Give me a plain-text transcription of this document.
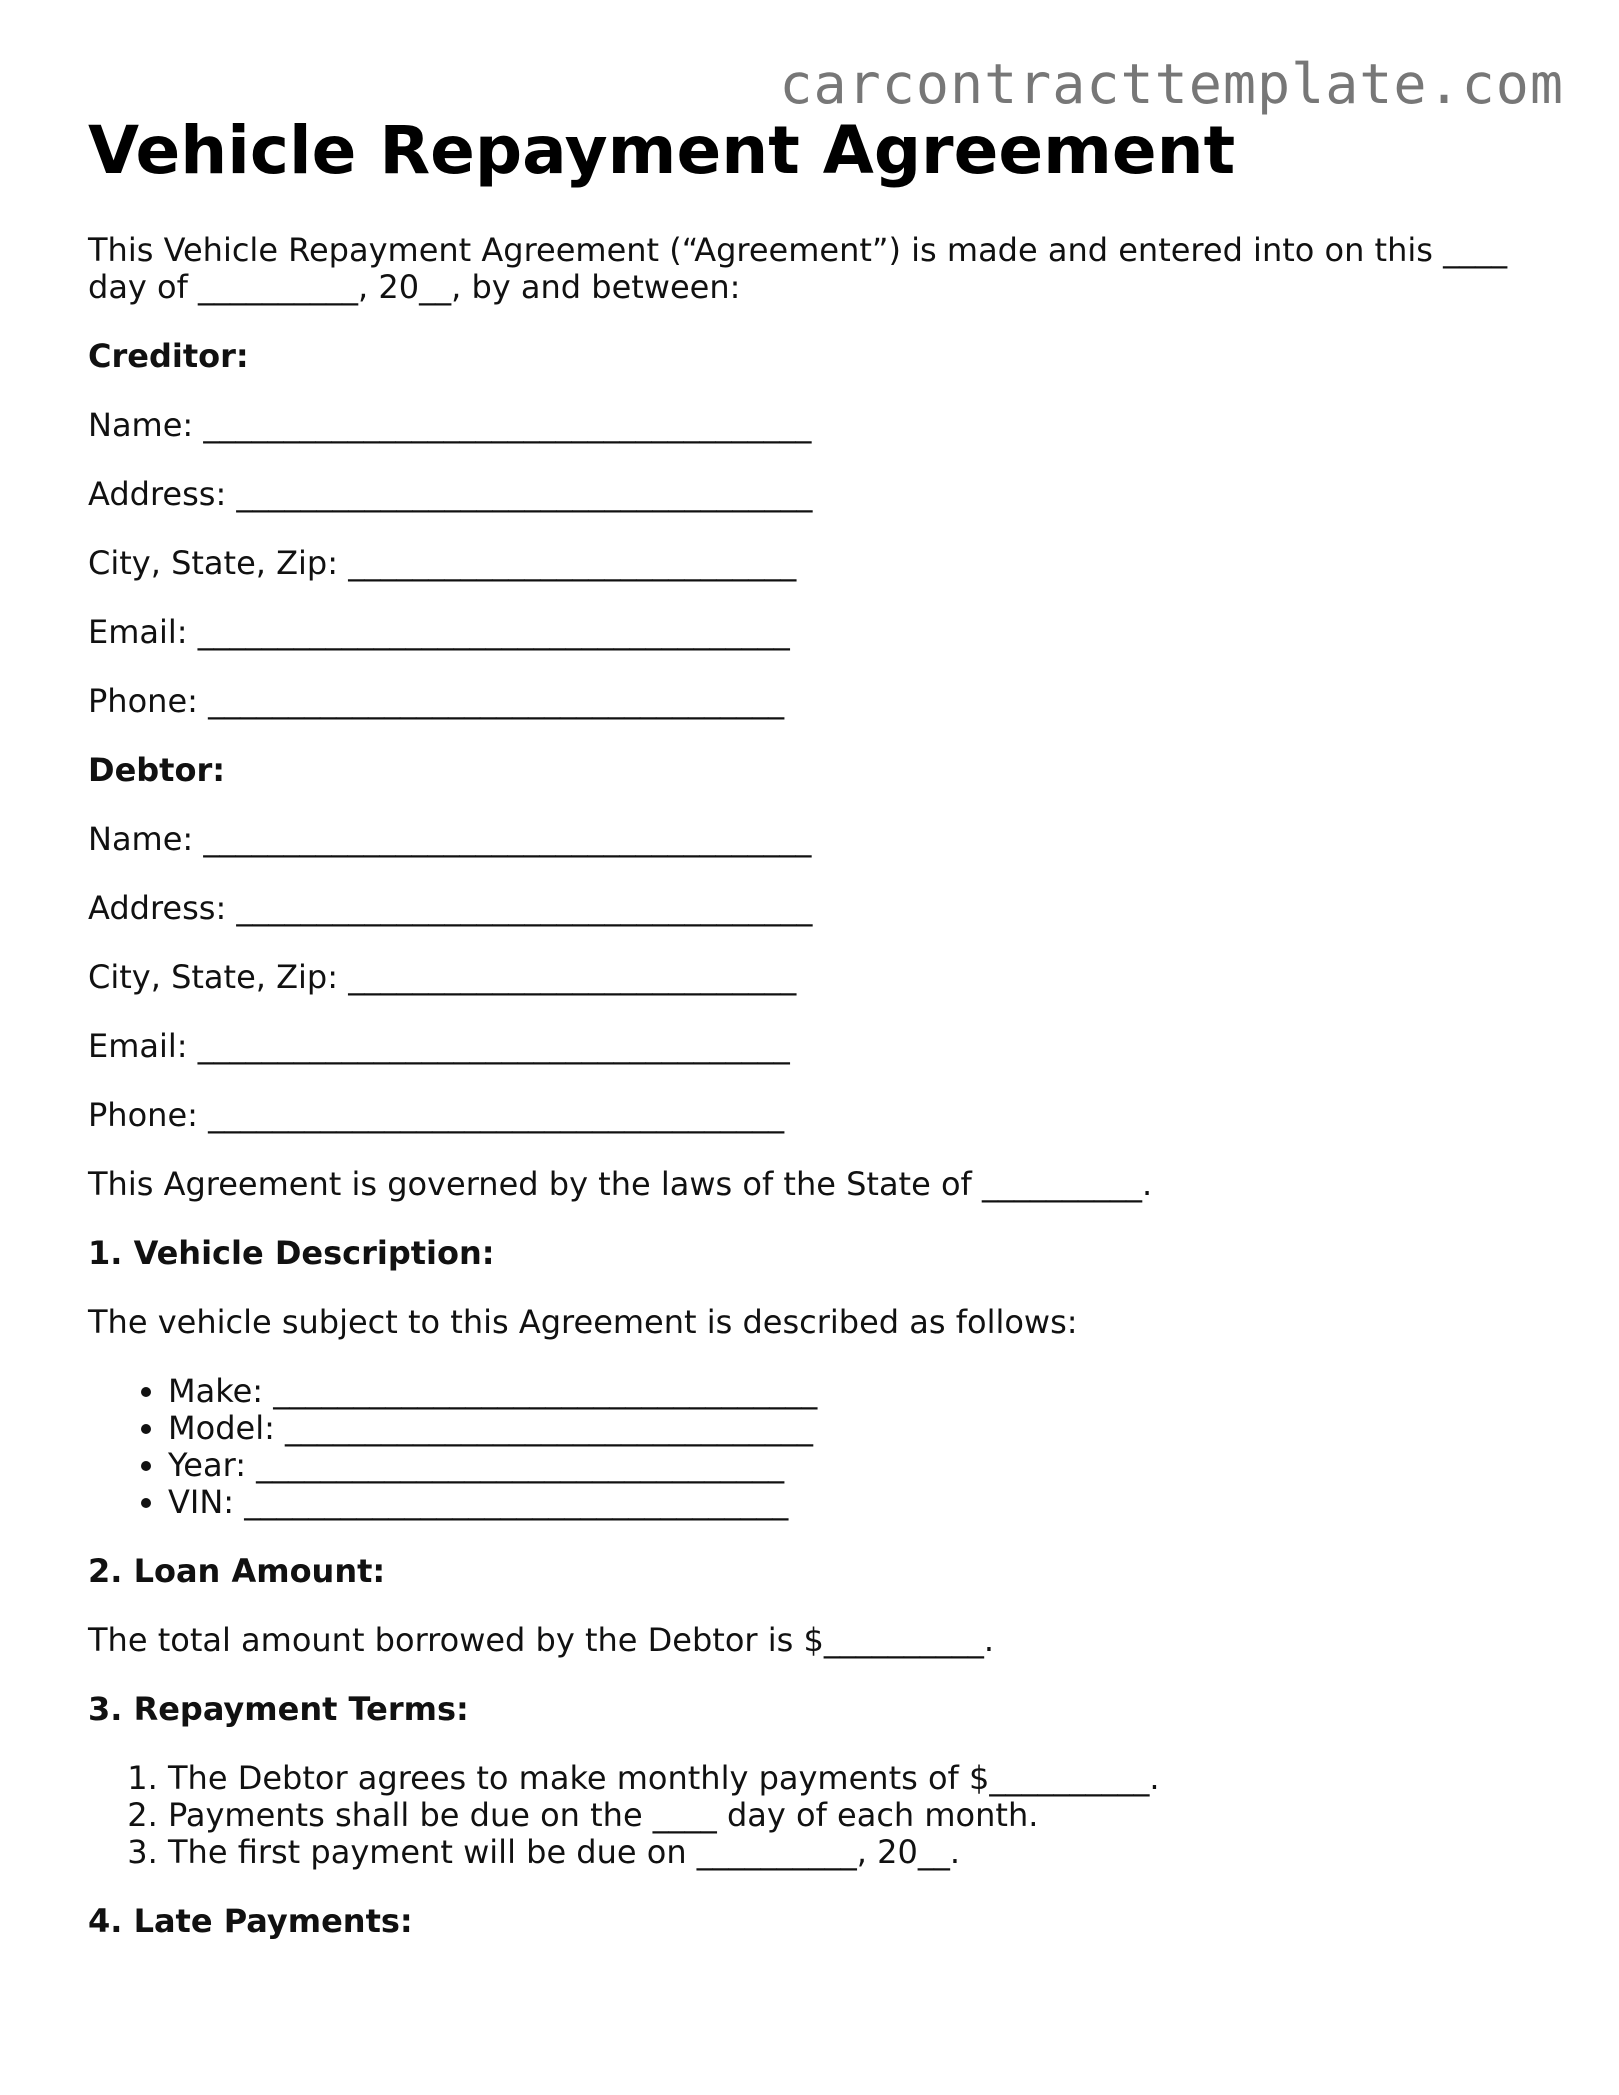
carcontracttemplate.com

Vehicle Repayment Agreement

This Vehicle Repayment Agreement (“Agreement”) is made and entered into on this ____ day of __________, 20__, by and between:

Creditor:

Name: ______________________________________

Address: ____________________________________

City, State, Zip: ____________________________

Email: _____________________________________

Phone: ____________________________________

Debtor:

Name: ______________________________________

Address: ____________________________________

City, State, Zip: ____________________________

Email: _____________________________________

Phone: ____________________________________

This Agreement is governed by the laws of the State of __________.

1. Vehicle Description:

The vehicle subject to this Agreement is described as follows:

• Make: __________________________________
• Model: _________________________________
• Year: _________________________________
• VIN: __________________________________

2. Loan Amount:

The total amount borrowed by the Debtor is $__________.

3. Repayment Terms:

1. The Debtor agrees to make monthly payments of $__________.
2. Payments shall be due on the ____ day of each month.
3. The first payment will be due on __________, 20__.

4. Late Payments:
